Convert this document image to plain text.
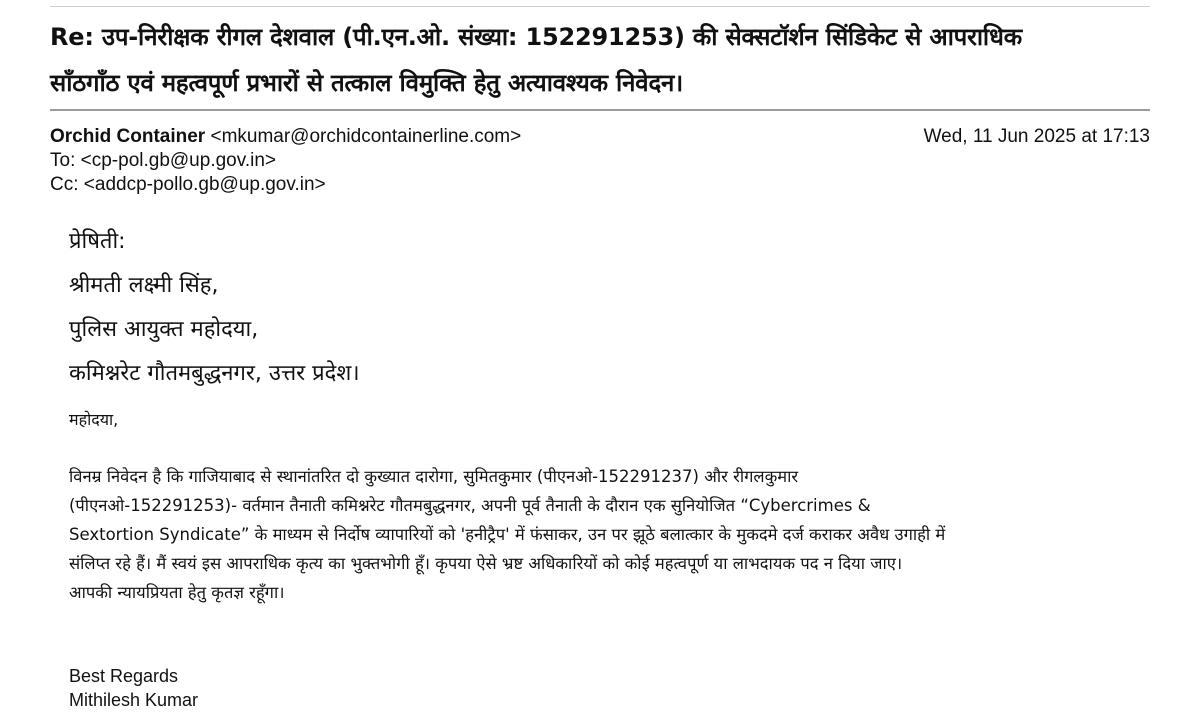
Re: उप-निरीक्षक रीगल देशवाल (पी.एन.ओ. संख्या: 152291253) की सेक्सटॉर्शन सिंडिकेट से आपराधिक
साँठगाँठ एवं महत्वपूर्ण प्रभारों से तत्काल विमुक्ति हेतु अत्यावश्यक निवेदन।
Orchid Container <mkumar@orchidcontainerline.com>	Wed, 11 Jun 2025 at 17:13
To: <cp-pol.gb@up.gov.in>
Cc: <addcp-pollo.gb@up.gov.in>
प्रेषिती:
श्रीमती लक्ष्मी सिंह,
पुलिस आयुक्त महोदया,
कमिश्नरेट गौतमबुद्धनगर, उत्तर प्रदेश।
महोदया,
विनम्र निवेदन है कि गाजियाबाद से स्थानांतरित दो कुख्यात दारोगा, सुमितकुमार (पीएनओ-152291237) और रीगलकुमार
(पीएनओ-152291253)- वर्तमान तैनाती कमिश्नरेट गौतमबुद्धनगर, अपनी पूर्व तैनाती के दौरान एक सुनियोजित “Cybercrimes &
Sextortion Syndicate” के माध्यम से निर्दोष व्यापारियों को 'हनीट्रैप' में फंसाकर, उन पर झूठे बलात्कार के मुकदमे दर्ज कराकर अवैध उगाही में
संलिप्त रहे हैं। मैं स्वयं इस आपराधिक कृत्य का भुक्तभोगी हूँ। कृपया ऐसे भ्रष्ट अधिकारियों को कोई महत्वपूर्ण या लाभदायक पद न दिया जाए।
आपकी न्यायप्रियता हेतु कृतज्ञ रहूँगा।
Best Regards
Mithilesh Kumar
